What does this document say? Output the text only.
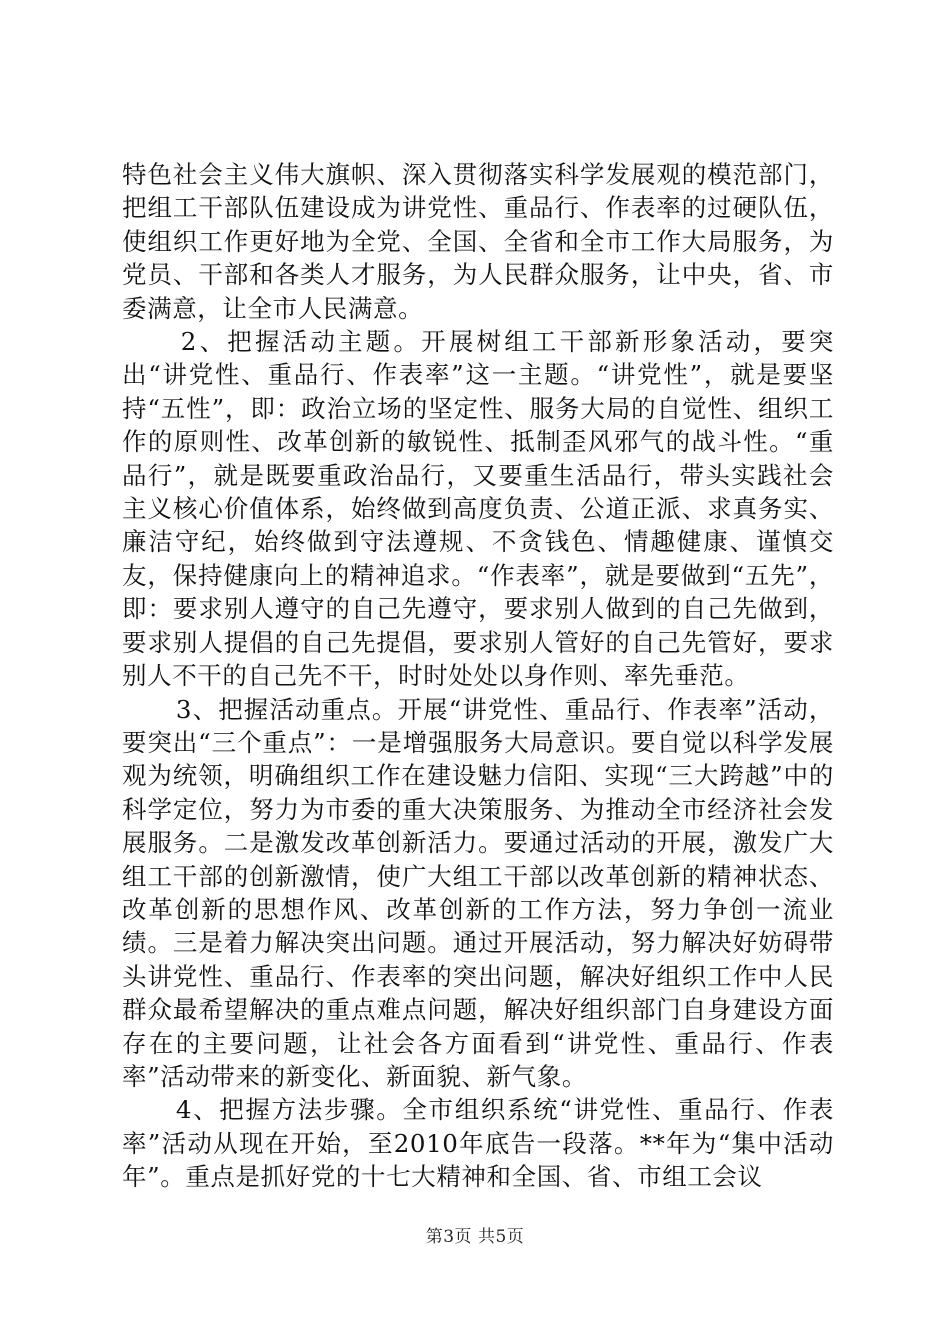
特色社会主义伟大旗帜、深入贯彻落实科学发展观的模范部门，把组工干部队伍建设成为讲党性、重品行、作表率的过硬队伍，使组织工作更好地为全党、全国、全省和全市工作大局服务，为党员、干部和各类人才服务，为人民群众服务，让中央，省、市委满意，让全市人民满意。

2、把握活动主题。开展树组工干部新形象活动，要突出“讲党性、重品行、作表率”这一主题。“讲党性”，就是要坚持“五性”，即：政治立场的坚定性、服务大局的自觉性、组织工作的原则性、改革创新的敏锐性、抵制歪风邪气的战斗性。“重品行”，就是既要重政治品行，又要重生活品行，带头实践社会主义核心价值体系，始终做到高度负责、公道正派、求真务实、廉洁守纪，始终做到守法遵规、不贪钱色、情趣健康、谨慎交友，保持健康向上的精神追求。“作表率”，就是要做到“五先”，即：要求别人遵守的自己先遵守，要求别人做到的自己先做到，要求别人提倡的自己先提倡，要求别人管好的自己先管好，要求别人不干的自己先不干，时时处处以身作则、率先垂范。

3、把握活动重点。开展“讲党性、重品行、作表率”活动，要突出“三个重点”：一是增强服务大局意识。要自觉以科学发展观为统领，明确组织工作在建设魅力信阳、实现“三大跨越”中的科学定位，努力为市委的重大决策服务、为推动全市经济社会发展服务。二是激发改革创新活力。要通过活动的开展，激发广大组工干部的创新激情，使广大组工干部以改革创新的精神状态、改革创新的思想作风、改革创新的工作方法，努力争创一流业绩。三是着力解决突出问题。通过开展活动，努力解决好妨碍带头讲党性、重品行、作表率的突出问题，解决好组织工作中人民群众最希望解决的重点难点问题，解决好组织部门自身建设方面存在的主要问题，让社会各方面看到“讲党性、重品行、作表率”活动带来的新变化、新面貌、新气象。

4、把握方法步骤。全市组织系统“讲党性、重品行、作表率”活动从现在开始，至2010年底告一段落。**年为“集中活动年”。重点是抓好党的十七大精神和全国、省、市组工会议

第3页 共5页
